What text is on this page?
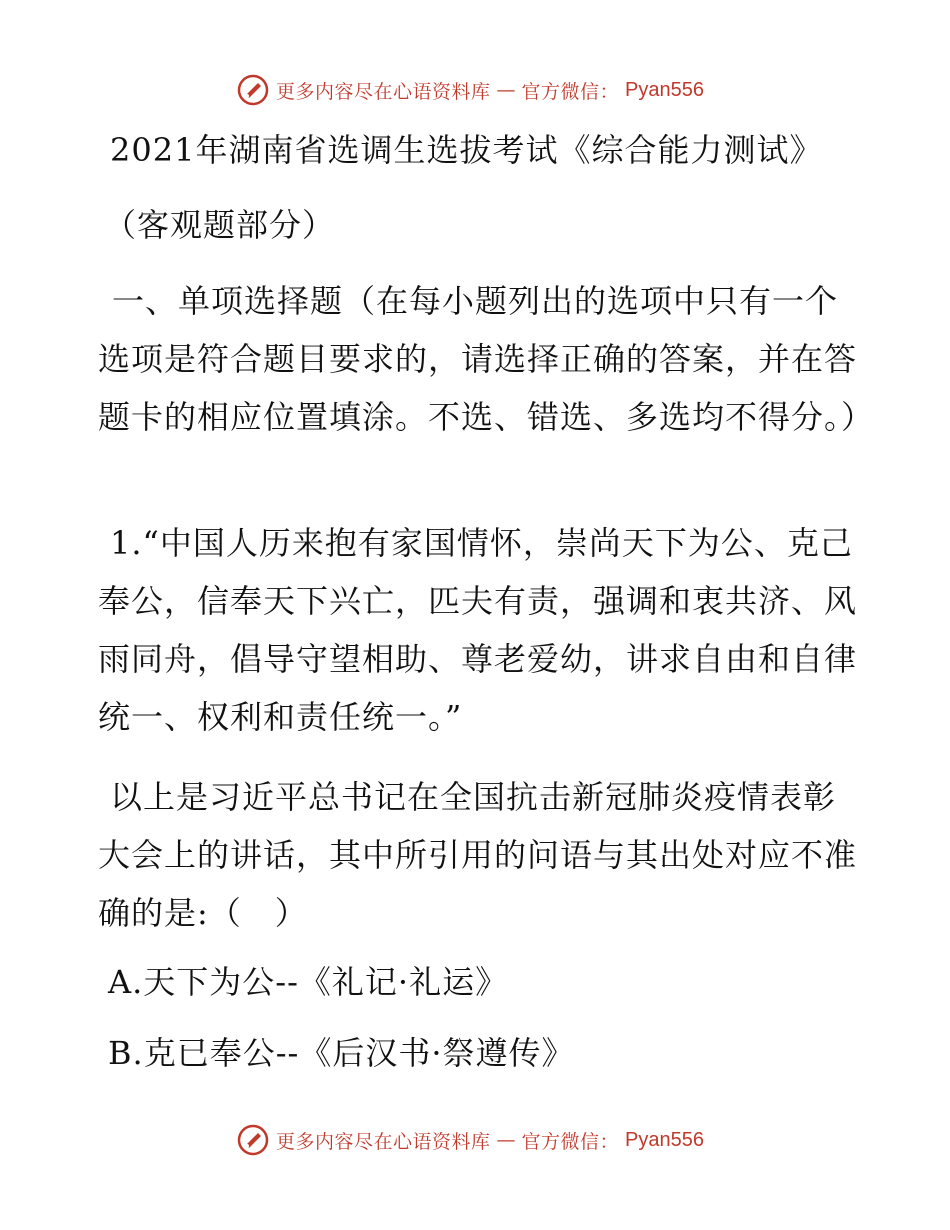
更多内容尽在心语资料库 — 官方微信： Pyan556
2021年湖南省选调生选拔考试《综合能力测试》
（客观题部分）

一、单项选择题（在每小题列出的选项中只有一个选项是符合题目要求的，请选择正确的答案，并在答题卡的相应位置填涂。不选、错选、多选均不得分。）

1.“中国人历来抱有家国情怀，崇尚天下为公、克己奉公，信奉天下兴亡，匹夫有责，强调和衷共济、风雨同舟，倡导守望相助、尊老爱幼，讲求自由和自律统一、权利和责任统一。”

以上是习近平总书记在全国抗击新冠肺炎疫情表彰大会上的讲话，其中所引用的问语与其出处对应不准确的是:（　）

A.天下为公--《礼记·礼运》
B.克已奉公--《后汉书·祭遵传》
更多内容尽在心语资料库 — 官方微信： Pyan556
